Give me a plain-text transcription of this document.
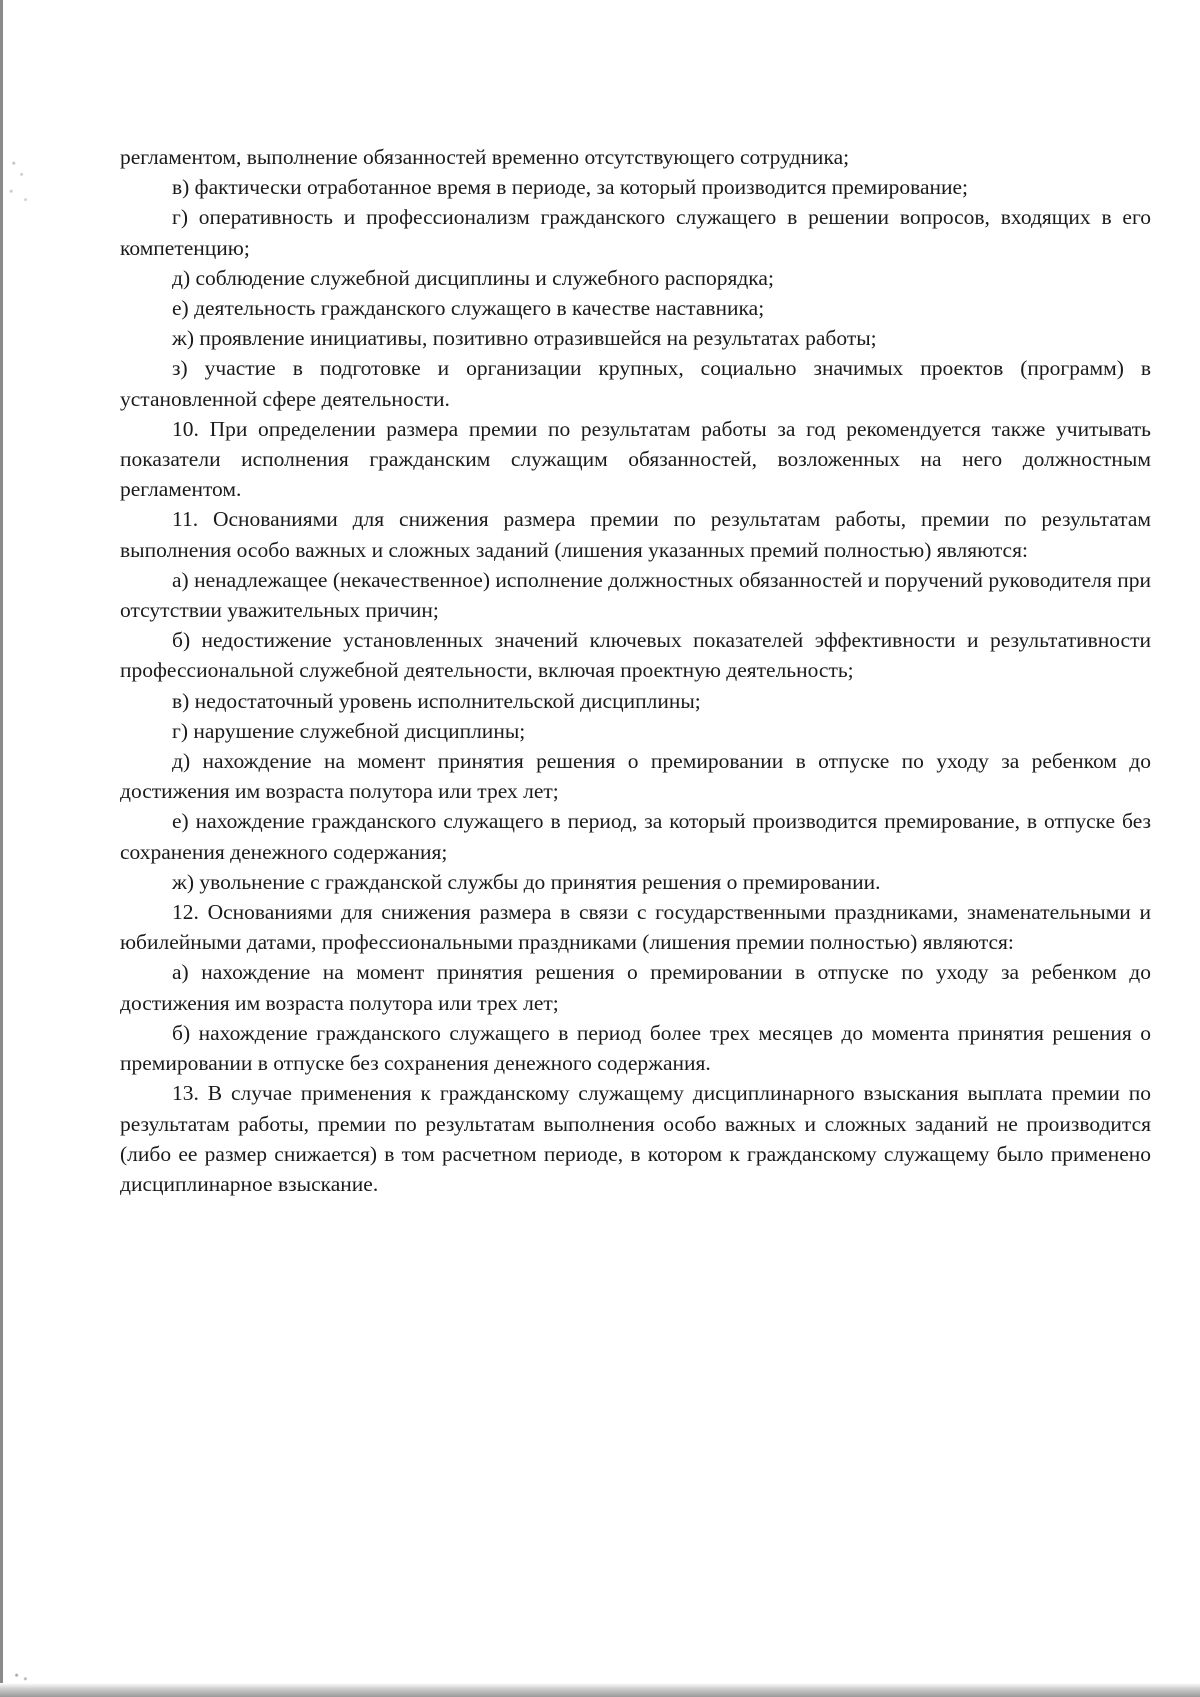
регламентом, выполнение обязанностей временно отсутствующего сотрудника;

в) фактически отработанное время в периоде, за который производится премирование;

г) оперативность и профессионализм гражданского служащего в решении вопросов, входящих в его компетенцию;

д) соблюдение служебной дисциплины и служебного распорядка;

е) деятельность гражданского служащего в качестве наставника;

ж) проявление инициативы, позитивно отразившейся на результатах работы;

з) участие в подготовке и организации крупных, социально значимых проектов (программ) в установленной сфере деятельности.

10. При определении размера премии по результатам работы за год рекомендуется также учитывать показатели исполнения гражданским служащим обязанностей, возложенных на него должностным регламентом.

11. Основаниями для снижения размера премии по результатам работы, премии по результатам выполнения особо важных и сложных заданий (лишения указанных премий полностью) являются:

а) ненадлежащее (некачественное) исполнение должностных обязанностей и поручений руководителя при отсутствии уважительных причин;

б) недостижение установленных значений ключевых показателей эффективности и результативности профессиональной служебной деятельности, включая проектную деятельность;

в) недостаточный уровень исполнительской дисциплины;

г) нарушение служебной дисциплины;

д) нахождение на момент принятия решения о премировании в отпуске по уходу за ребенком до достижения им возраста полутора или трех лет;

е) нахождение гражданского служащего в период, за который производится премирование, в отпуске без сохранения денежного содержания;

ж) увольнение с гражданской службы до принятия решения о премировании.

12. Основаниями для снижения размера в связи с государственными праздниками, знаменательными и юбилейными датами, профессиональными праздниками (лишения премии полностью) являются:

а) нахождение на момент принятия решения о премировании в отпуске по уходу за ребенком до достижения им возраста полутора или трех лет;

б) нахождение гражданского служащего в период более трех месяцев до момента принятия решения о премировании в отпуске без сохранения денежного содержания.

13. В случае применения к гражданскому служащему дисциплинарного взыскания выплата премии по результатам работы, премии по результатам выполнения особо важных и сложных заданий не производится (либо ее размер снижается) в том расчетном периоде, в котором к гражданскому служащему было применено дисциплинарное взыскание.
